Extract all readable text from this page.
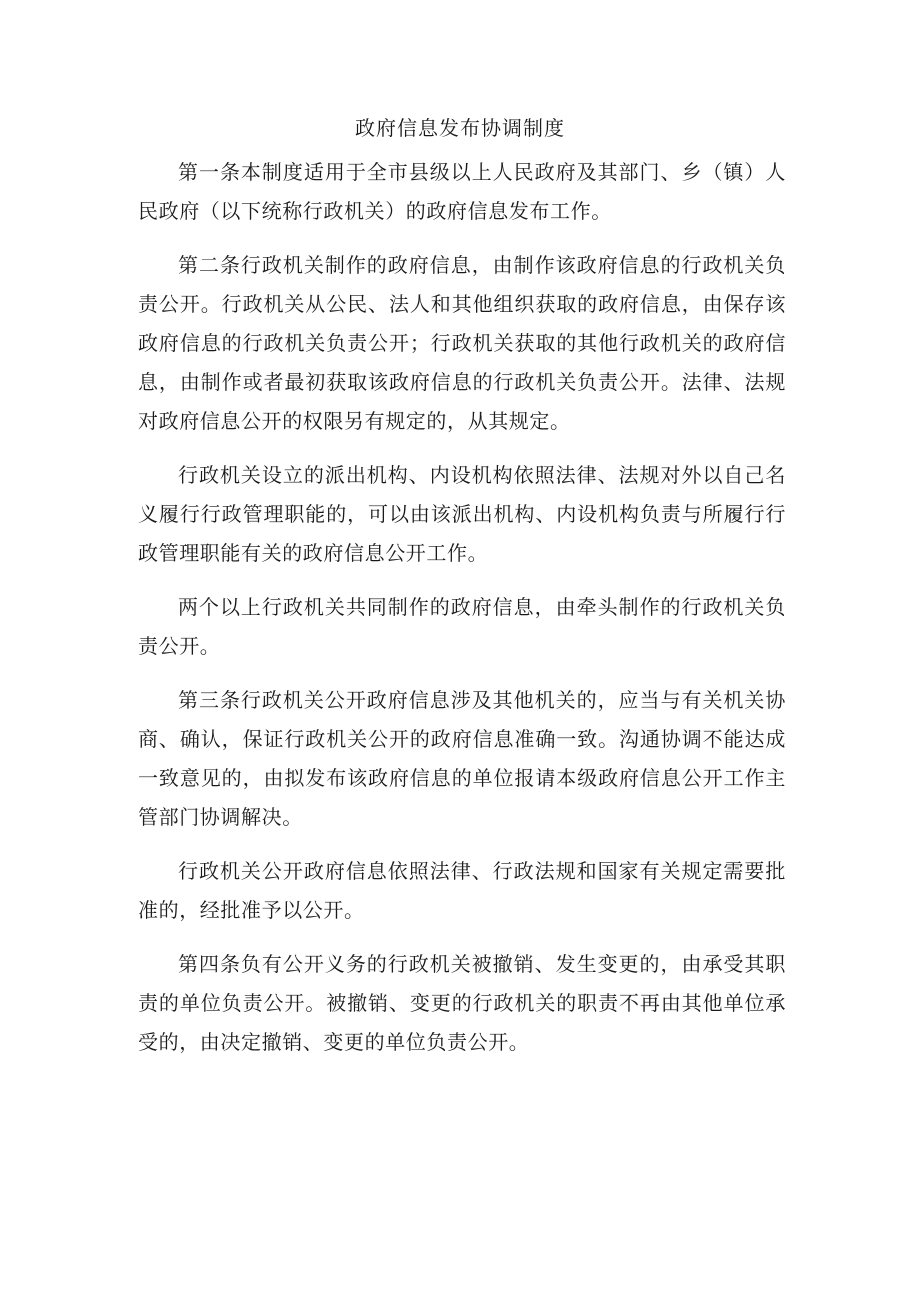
政府信息发布协调制度

第一条本制度适用于全市县级以上人民政府及其部门、乡（镇）人民政府（以下统称行政机关）的政府信息发布工作。

第二条行政机关制作的政府信息，由制作该政府信息的行政机关负责公开。行政机关从公民、法人和其他组织获取的政府信息，由保存该政府信息的行政机关负责公开；行政机关获取的其他行政机关的政府信息，由制作或者最初获取该政府信息的行政机关负责公开。法律、法规对政府信息公开的权限另有规定的，从其规定。

行政机关设立的派出机构、内设机构依照法律、法规对外以自己名义履行行政管理职能的，可以由该派出机构、内设机构负责与所履行行政管理职能有关的政府信息公开工作。

两个以上行政机关共同制作的政府信息，由牵头制作的行政机关负责公开。

第三条行政机关公开政府信息涉及其他机关的，应当与有关机关协商、确认，保证行政机关公开的政府信息准确一致。沟通协调不能达成一致意见的，由拟发布该政府信息的单位报请本级政府信息公开工作主管部门协调解决。

行政机关公开政府信息依照法律、行政法规和国家有关规定需要批准的，经批准予以公开。

第四条负有公开义务的行政机关被撤销、发生变更的，由承受其职责的单位负责公开。被撤销、变更的行政机关的职责不再由其他单位承受的，由决定撤销、变更的单位负责公开。
